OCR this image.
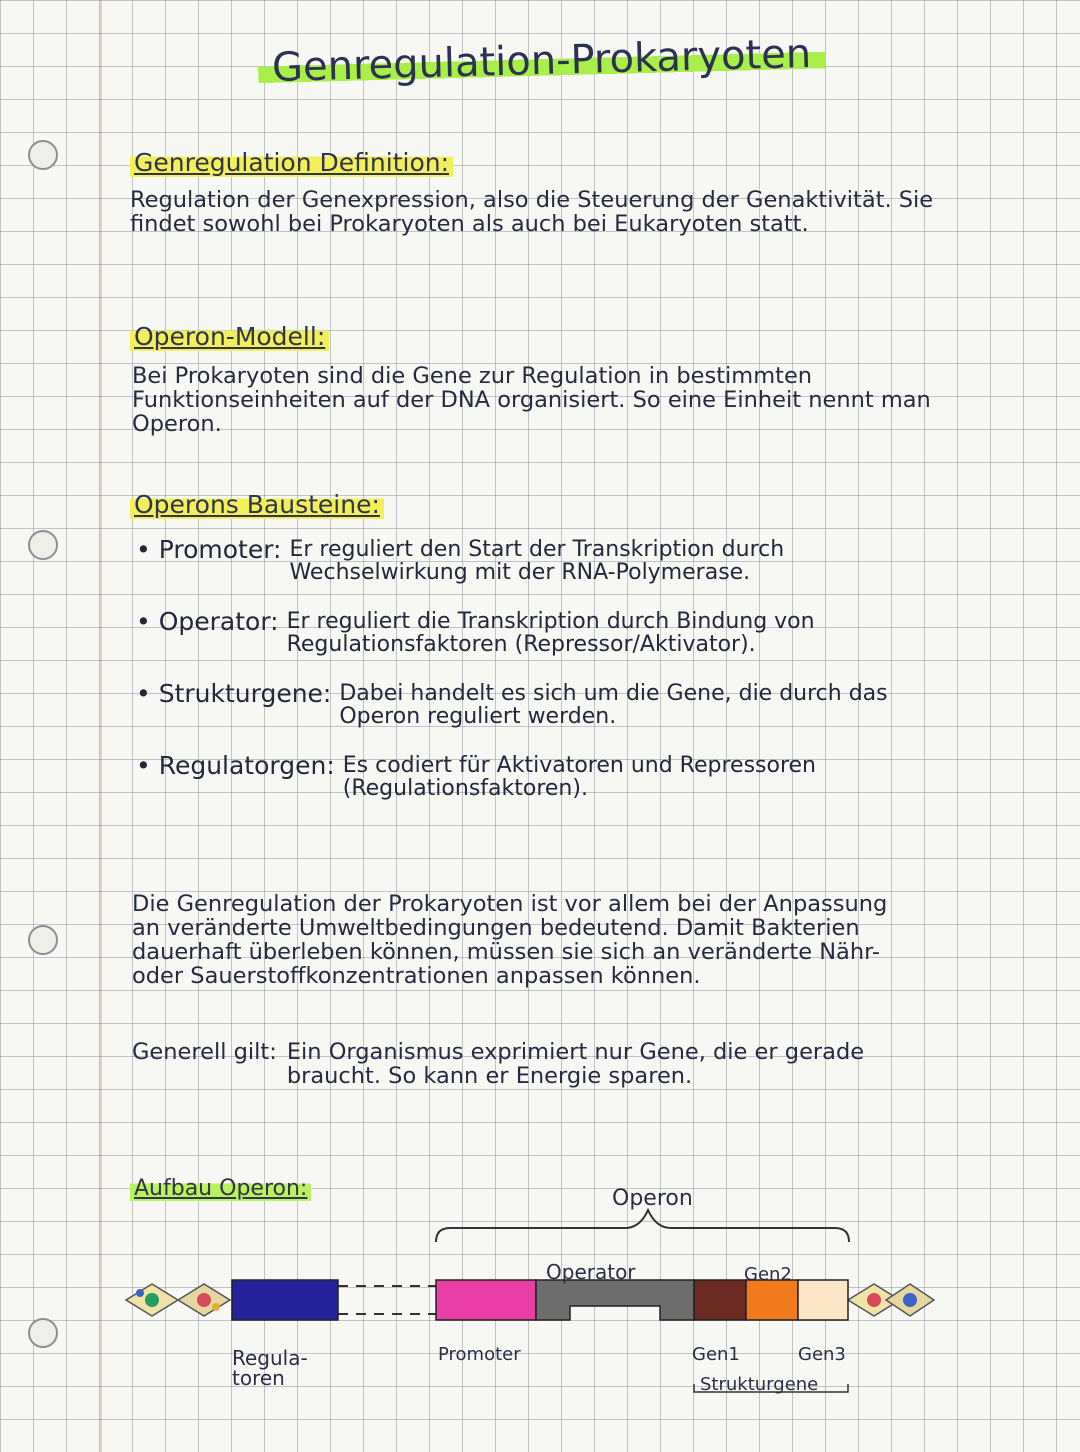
Genregulation-Prokaryoten
Genregulation Definition:

Regulation der Genexpression, also die Steuerung der Genaktivität. Sie findet sowohl bei Prokaryoten als auch bei Eukaryoten statt.

Operon-Modell:

Bei Prokaryoten sind die Gene zur Regulation in bestimmten Funktionseinheiten auf der DNA organisiert. So eine Einheit nennt man Operon.

Operons Bausteine:
• Promoter: Er reguliert den Start der Transkription durch Wechselwirkung mit der RNA-Polymerase.
• Operator: Er reguliert die Transkription durch Bindung von Regulationsfaktoren (Repressor/Aktivator).
• Strukturgene: Dabei handelt es sich um die Gene, die durch das Operon reguliert werden.
• Regulatorgen: Es codiert für Aktivatoren und Repressoren (Regulationsfaktoren).

Die Genregulation der Prokaryoten ist vor allem bei der Anpassung an veränderte Umweltbedingungen bedeutend. Damit Bakterien dauerhaft überleben können, müssen sie sich an veränderte Nähr- oder Sauerstoffkonzentrationen anpassen können.

Generell gilt: Ein Organismus exprimiert nur Gene, die er gerade braucht. So kann er Energie sparen.
Aufbau Operon:	Operon
Operator	Gen2
Regula-toren
Promoter	Gen1	Gen3
Strukturgene
